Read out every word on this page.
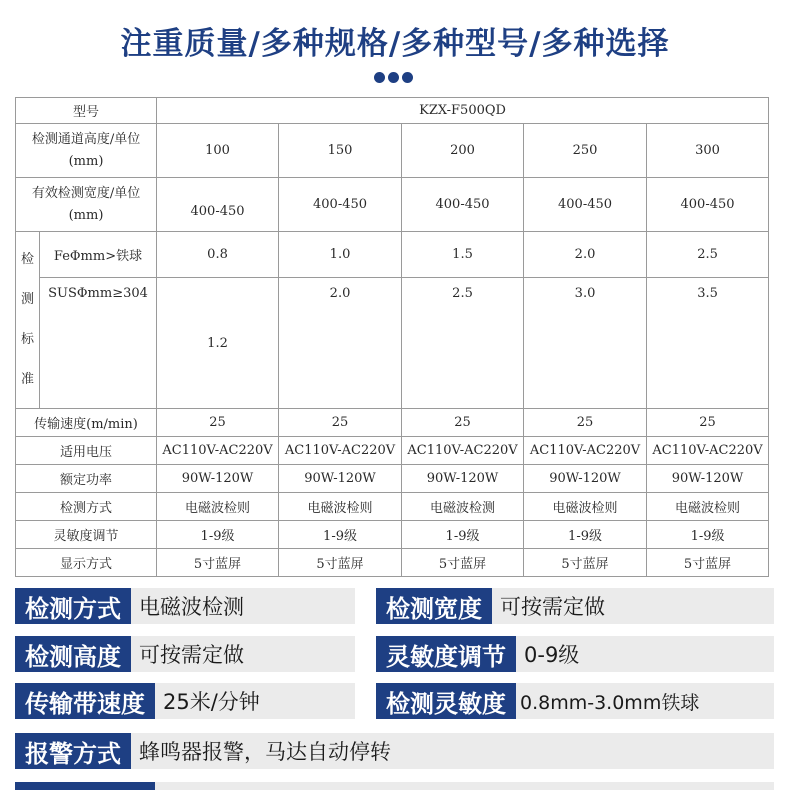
注重质量/多种规格/多种型号/多种选择
型号		KZX-F500QD				
检测通道高度/单位(mm)		100	150	200	250	300
有效检测宽度/单位(mm)		400-450	400-450	400-450	400-450	400-450

检
测
标
准	FeΦmm>铁球	0.8	1.0	1.5	2.0	2.5
	SUSΦmm≥304	1.2	2.0	2.5	3.0	3.5
传输速度(m/min)		25	25	25	25	25
适用电压		AC110V-AC220V	AC110V-AC220V	AC110V-AC220V	AC110V-AC220V	AC110V-AC220V
额定功率		90W-120W	90W-120W	90W-120W	90W-120W	90W-120W
检测方式		电磁波检则	电磁波检则	电磁波检测	电磁波检则	电磁波检则
灵敏度调节		1-9级	1-9级	1-9级	1-9级	1-9级
显示方式		5寸蓝屏	5寸蓝屏	5寸蓝屏	5寸蓝屏	5寸蓝屏
检测方式 电磁波检测	检测宽度 可按需定做
检测高度 可按需定做	灵敏度调节 0-9级
传输带速度 25米/分钟	检测灵敏度 0.8mm-3.0mm铁球
报警方式 蜂鸣器报警，马达自动停转
